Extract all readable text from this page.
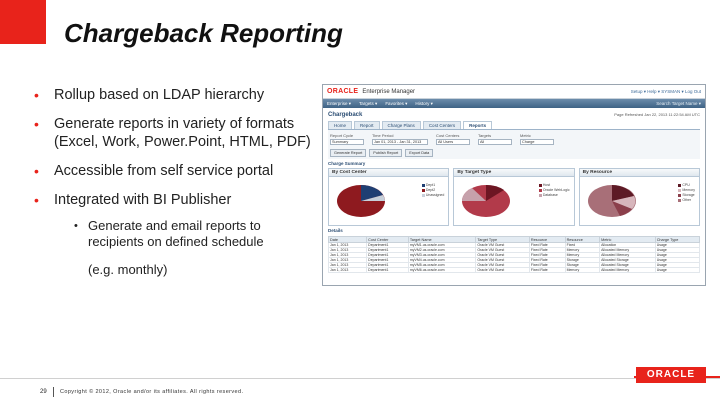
Chargeback Reporting
• Rollup based on LDAP hierarchy
• Generate reports in variety of formats (Excel, Work, Power.Point, HTML, PDF)
• Accessible from self service portal
• Integrated with BI Publisher
• Generate and email reports to recipients on defined schedule
(e.g. monthly)
ORACLE Enterprise Manager	Setup ▾ Help ▾ SYSMAN ▾ Log Out
Enterprise ▾ Targets ▾ Favorites ▾ History ▾	Search Target Name ▾
Chargeback	Page Refreshed Jan 22, 2013 11:22:54 AM UTC
Home	Report	Charge Plans	Cost Centers	Reports
Report Cycle
Summary
Time Period
Jan 01, 2013 - Jan 31, 2013
Cost Centers
All Users
Targets
All
Metric
Charge
Generate Report	Publish Report	Export Data
Charge Summary
By Cost Center
Dept1
Dept2
Unassigned
By Target Type
Host
Oracle WebLogic
Database
By Resource
CPU
Memory
Storage
Other
Details
Date	Cost Center	Target Name	Target Type	Resource	Resource	Metric	Charge Type
Jan 1, 2013	Department1	myVM1.us.oracle.com	Oracle VM Guest	Fixed Rate	Fixed	Allocation	Usage
Jan 1, 2013	Department1	myVM2.us.oracle.com	Oracle VM Guest	Fixed Rate	Memory	Allocated Memory	Usage
Jan 1, 2013	Department1	myVM3.us.oracle.com	Oracle VM Guest	Fixed Rate	Memory	Allocated Memory	Usage
Jan 1, 2013	Department1	myVM4.us.oracle.com	Oracle VM Guest	Fixed Rate	Storage	Allocated Storage	Usage
Jan 1, 2013	Department1	myVM5.us.oracle.com	Oracle VM Guest	Fixed Rate	Storage	Allocated Storage	Usage
Jan 1, 2013	Department1	myVM6.us.oracle.com	Oracle VM Guest	Fixed Rate	Memory	Allocated Memory	Usage
ORACLE
29 Copyright © 2012, Oracle and/or its affiliates. All rights reserved.
